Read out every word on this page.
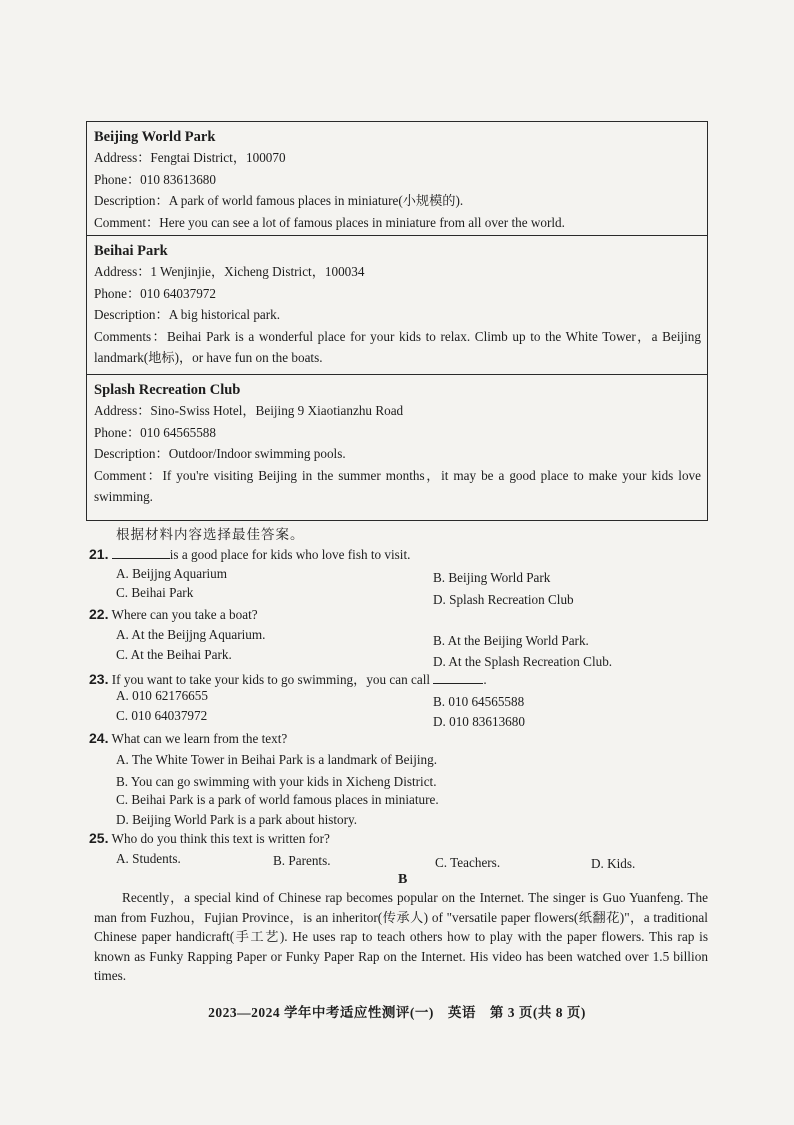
Beijing World Park
Address：Fengtai District，100070
Phone：010 83613680
Description：A park of world famous places in miniature(小规模的).
Comment：Here you can see a lot of famous places in miniature from all over the world.
Beihai Park
Address：1 Wenjinjie，Xicheng District，100034
Phone：010 64037972
Description：A big historical park.
Comments：Beihai Park is a wonderful place for your kids to relax. Climb up to the White Tower，a Beijing landmark(地标)，or have fun on the boats.
Splash Recreation Club
Address：Sino-Swiss Hotel，Beijing 9 Xiaotianzhu Road
Phone：010 64565588
Description：Outdoor/Indoor swimming pools.
Comment：If you're visiting Beijing in the summer months，it may be a good place to make your kids love swimming.
根据材料内容选择最佳答案。
21.	is a good place for kids who love fish to visit.
A. Beijjng Aquarium	B. Beijing World Park
C. Beihai Park	D. Splash Recreation Club
22. Where can you take a boat?
A. At the Beijjng Aquarium.	B. At the Beijing World Park.
C. At the Beihai Park.	D. At the Splash Recreation Club.
23. If you want to take your kids to go swimming，you can call	.
A. 010 62176655	B. 010 64565588
C. 010 64037972	D. 010 83613680
24. What can we learn from the text?
A. The White Tower in Beihai Park is a landmark of Beijing.
B. You can go swimming with your kids in Xicheng District.
C. Beihai Park is a park of world famous places in miniature.
D. Beijing World Park is a park about history.
25. Who do you think this text is written for?
A. Students.	B. Parents.	C. Teachers.	D. Kids.
B
Recently，a special kind of Chinese rap becomes popular on the Internet. The singer is Guo Yuanfeng. The man from Fuzhou，Fujian Province，is an inheritor(传承人) of "versatile paper flowers(纸翻花)"，a traditional Chinese paper handicraft(手工艺). He uses rap to teach others how to play with the paper flowers. This rap is known as Funky Rapping Paper or Funky Paper Rap on the Internet. His video has been watched over 1.5 billion times.
2023—2024 学年中考适应性测评(一)　英语　第 3 页(共 8 页)
